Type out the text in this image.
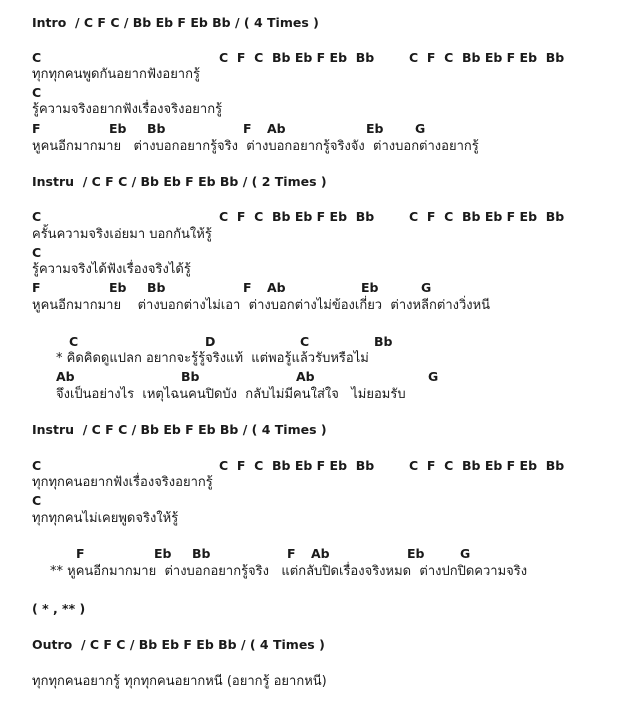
Intro  / C F C / Bb Eb F Eb Bb / ( 4 Times )

C

	C  F  C  Bb Eb F Eb  Bb

	C  F  C  Bb Eb F Eb  Bb

ทุกทุกคนพูดกันอยากฟังอยากรู้

C

รู้ความจริงอยากฟังเรื่องจริงอยากรู้

F

	Eb

Bb

	F

Ab

	Eb

	G

หูคนอีกมากมาย   ต่างบอกอยากรู้จริง  ต่างบอกอยากรู้จริงจัง  ต่างบอกต่างอยากรู้

Instru  / C F C / Bb Eb F Eb Bb / ( 2 Times )

C

	C  F  C  Bb Eb F Eb  Bb

	C  F  C  Bb Eb F Eb  Bb

ครั้นความจริงเอ่ยมา บอกกันให้รู้

C

รู้ความจริงได้ฟังเรื่องจริงได้รู้

F

	Eb

Bb

	F

Ab

	Eb

	G

หูคนอีกมากมาย    ต่างบอกต่างไม่เอา  ต่างบอกต่างไม่ข้องเกี่ยว  ต่างหลีกต่างวิ่งหนี

C

	D

	C

	Bb

* คิดคิดดูแปลก อยากจะรู้รู้จริงแท้  แต่พอรู้แล้วรับหรือไม่

Ab

	Bb

	Ab

	G

จึงเป็นอย่างไร  เหตุไฉนคนปิดบัง  กลับไม่มีคนใส่ใจ   ไม่ยอมรับ

Instru  / C F C / Bb Eb F Eb Bb / ( 4 Times )

C

	C  F  C  Bb Eb F Eb  Bb

	C  F  C  Bb Eb F Eb  Bb

ทุกทุกคนอยากฟังเรื่องจริงอยากรู้

C

ทุกทุกคนไม่เคยพูดจริงให้รู้

F

	Eb

Bb

	F

Ab

	Eb

	G

** หูคนอีกมากมาย  ต่างบอกอยากรู้จริง   แต่กลับปิดเรื่องจริงหมด  ต่างปกปิดความจริง

( * , ** )

Outro  / C F C / Bb Eb F Eb Bb / ( 4 Times )

ทุกทุกคนอยากรู้ ทุกทุกคนอยากหนี (อยากรู้ อยากหนี)
